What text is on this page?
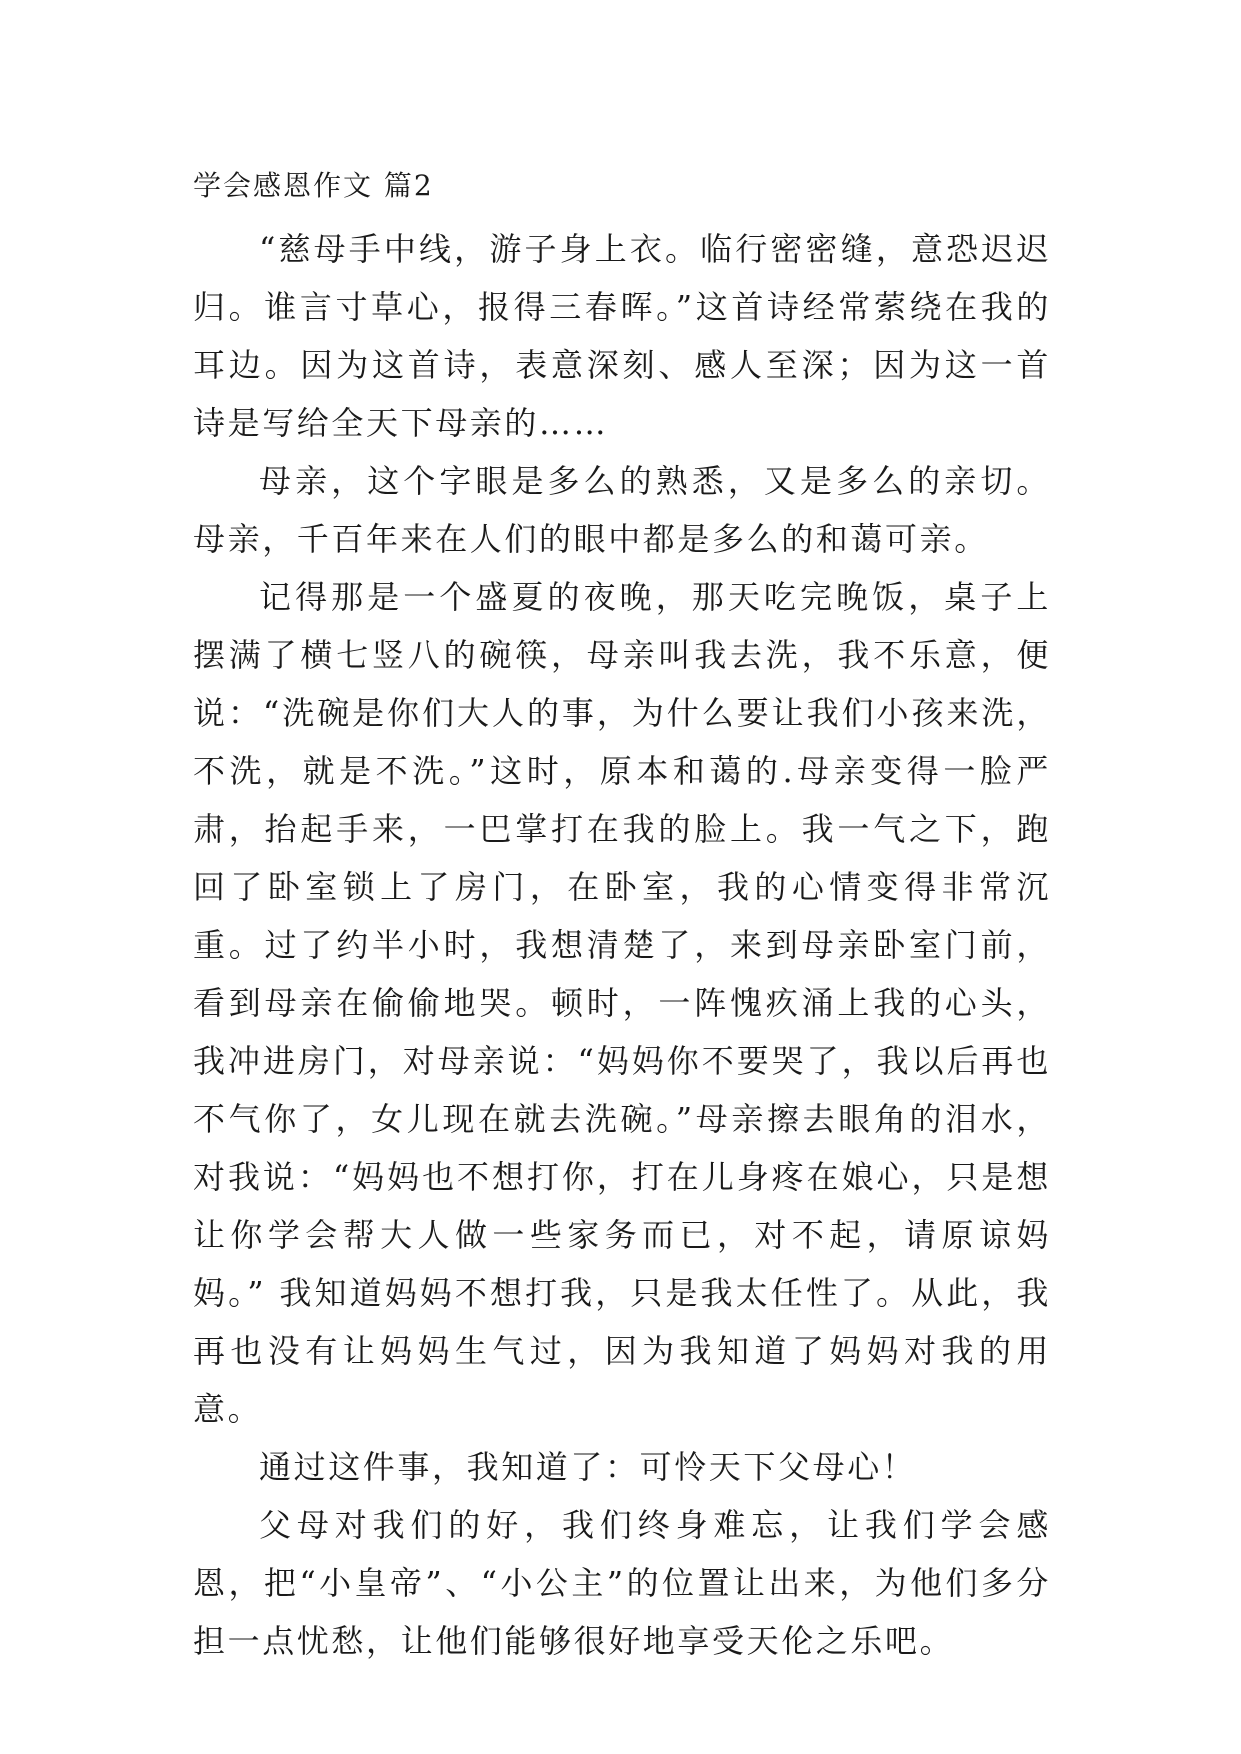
学会感恩作文 篇2

“慈母手中线，游子身上衣。临行密密缝，意恐迟迟归。谁言寸草心，报得三春晖。”这首诗经常萦绕在我的耳边。因为这首诗，表意深刻、感人至深；因为这一首诗是写给全天下母亲的……

母亲，这个字眼是多么的熟悉，又是多么的亲切。母亲，千百年来在人们的眼中都是多么的和蔼可亲。

记得那是一个盛夏的夜晚，那天吃完晚饭，桌子上摆满了横七竖八的碗筷，母亲叫我去洗，我不乐意，便说：“洗碗是你们大人的事，为什么要让我们小孩来洗，不洗，就是不洗。”这时，原本和蔼的.母亲变得一脸严肃，抬起手来，一巴掌打在我的脸上。我一气之下，跑回了卧室锁上了房门，在卧室，我的心情变得非常沉重。过了约半小时，我想清楚了，来到母亲卧室门前，看到母亲在偷偷地哭。顿时，一阵愧疚涌上我的心头，我冲进房门，对母亲说：“妈妈你不要哭了，我以后再也不气你了，女儿现在就去洗碗。”母亲擦去眼角的泪水，对我说：“妈妈也不想打你，打在儿身疼在娘心，只是想让你学会帮大人做一些家务而已，对不起，请原谅妈妈。” 我知道妈妈不想打我，只是我太任性了。从此，我再也没有让妈妈生气过，因为我知道了妈妈对我的用意。

通过这件事，我知道了：可怜天下父母心！

父母对我们的好，我们终身难忘，让我们学会感恩，把“小皇帝”、“小公主”的位置让出来，为他们多分担一点忧愁，让他们能够很好地享受天伦之乐吧。
